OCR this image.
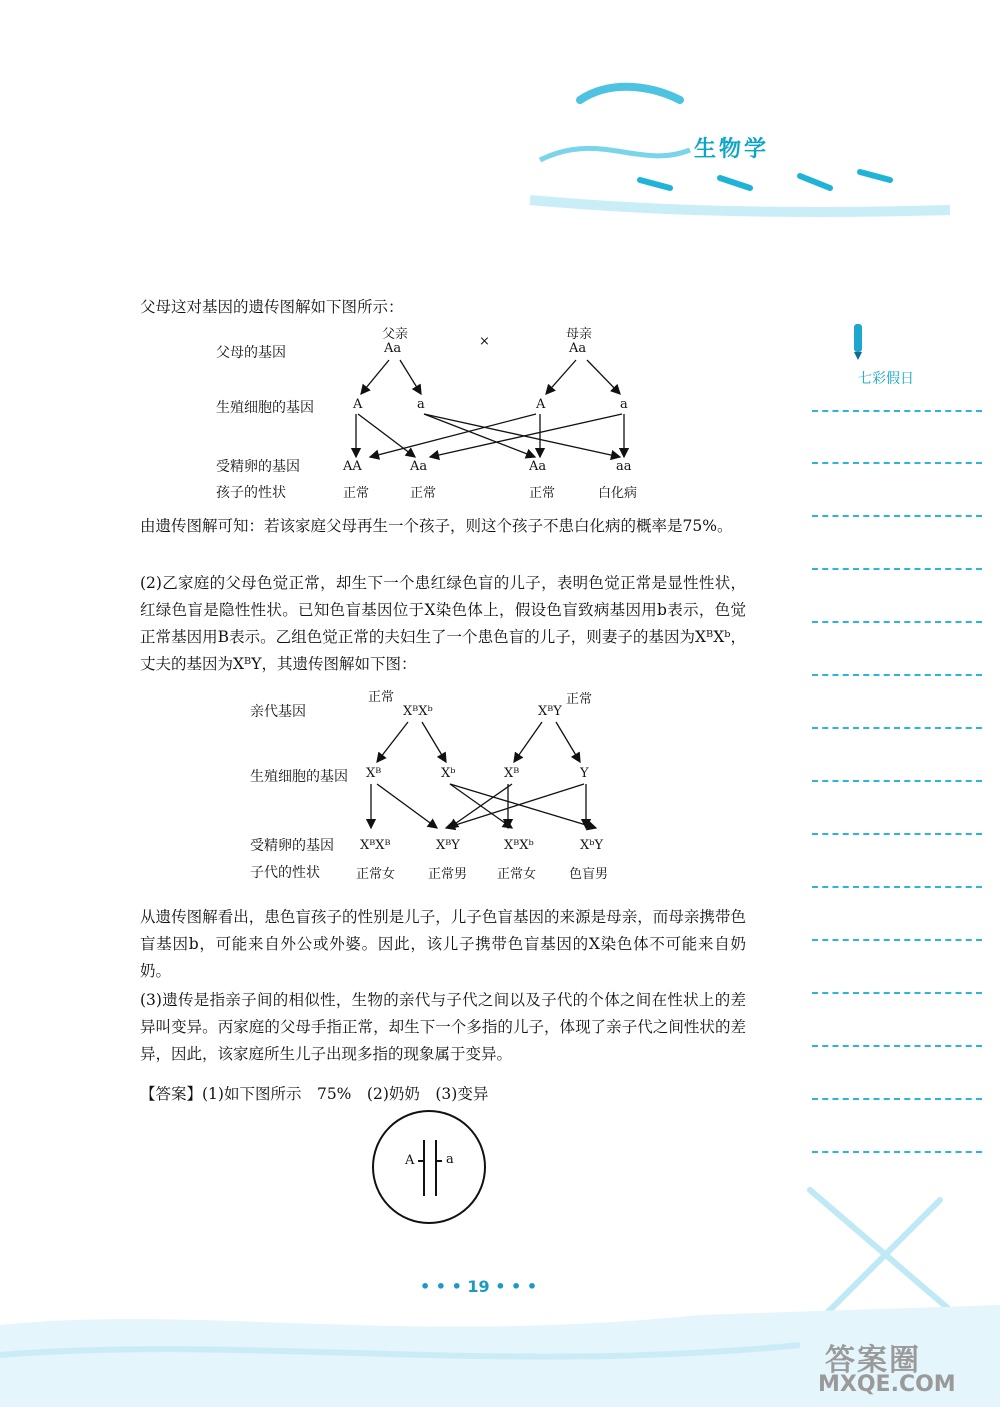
生物学
七彩假日
父母这对基因的遗传图解如下图所示：
父母的基因
生殖细胞的基因
受精卵的基因
孩子的性状
父亲
Aa	×	母亲
Aa
A	a	A	a
AA	Aa	Aa	aa
正常	正常	正常	白化病
由遗传图解可知：若该家庭父母再生一个孩子，则这个孩子不患白化病的概率是75%。
(2)乙家庭的父母色觉正常，却生下一个患红绿色盲的儿子，表明色觉正常是显性性状，红绿色盲是隐性性状。已知色盲基因位于X染色体上，假设色盲致病基因用b表示，色觉正常基因用B表示。乙组色觉正常的夫妇生了一个患色盲的儿子，则妻子的基因为XᴮXᵇ，丈夫的基因为XᴮY，其遗传图解如下图：
亲代基因
生殖细胞的基因
受精卵的基因
子代的性状
正常
XᴮXᵇ	XᴮY
正常
Xᴮ	Xᵇ	Xᴮ	Y
XᴮXᴮ	XᴮY	XᴮXᵇ	XᵇY
正常女	正常男 正常女	色盲男
从遗传图解看出，患色盲孩子的性别是儿子，儿子色盲基因的来源是母亲，而母亲携带色盲基因b，可能来自外公或外婆。因此，该儿子携带色盲基因的X染色体不可能来自奶奶。
(3)遗传是指亲子间的相似性，生物的亲代与子代之间以及子代的个体之间在性状上的差异叫变异。丙家庭的父母手指正常，却生下一个多指的儿子，体现了亲子代之间性状的差异，因此，该家庭所生儿子出现多指的现象属于变异。
【答案】(1)如下图所示　75%　(2)奶奶　(3)变异
A a
• • • 19 • • •
答案圈
MXQE.COM
